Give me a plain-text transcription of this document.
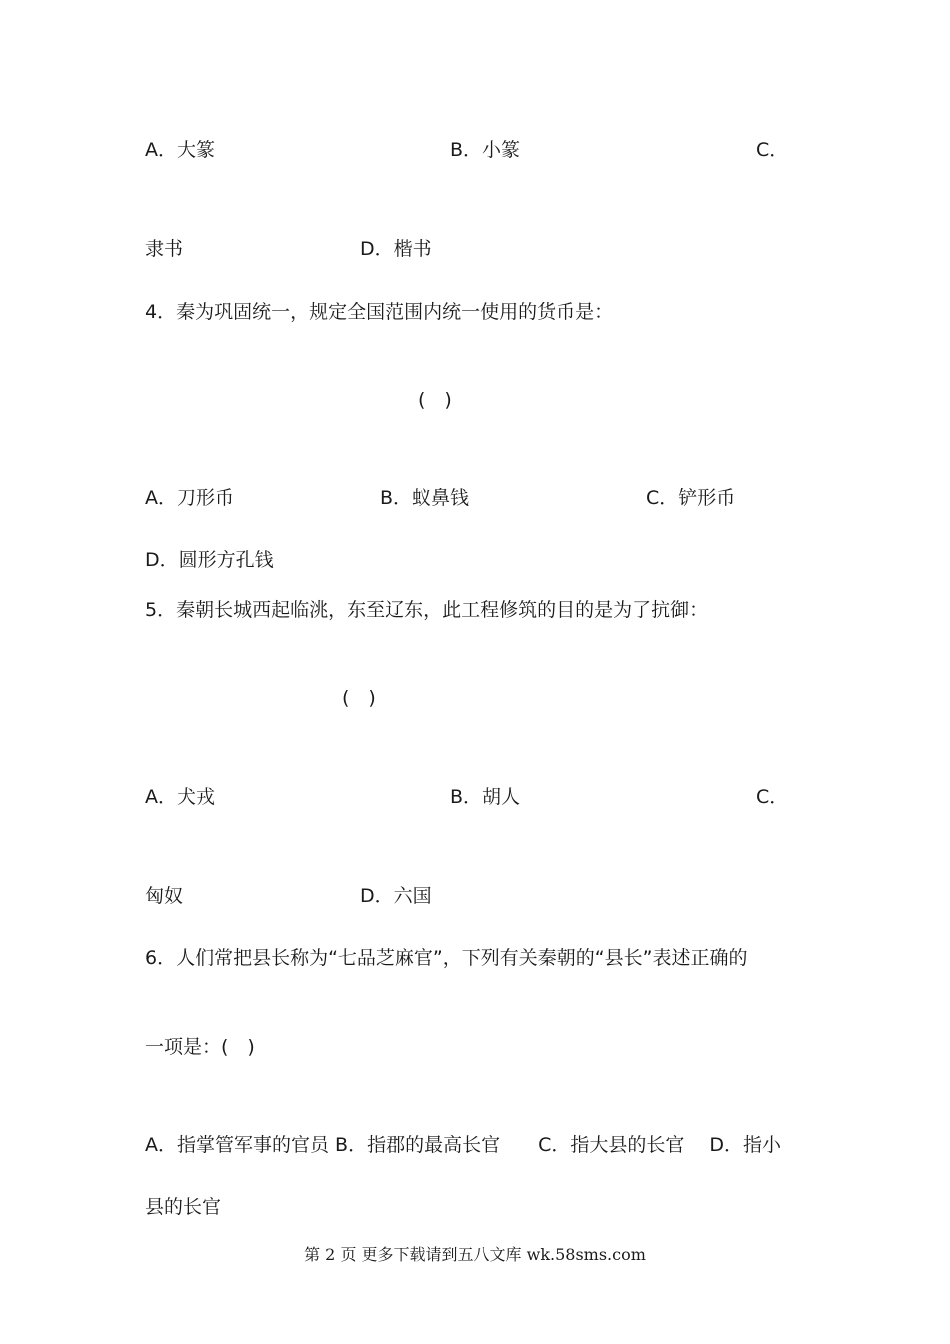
A．大篆	B．小篆	C．
隶书	D．楷书
4．秦为巩固统一，规定全国范围内统一使用的货币是：
(　)
A．刀形币	B．蚁鼻钱	C．铲形币
D．圆形方孔钱
5．秦朝长城西起临洮，东至辽东，此工程修筑的目的是为了抗御：
(　)
A．犬戎	B．胡人	C．
匈奴	D．六国
6．人们常把县长称为“七品芝麻官”，下列有关秦朝的“县长”表述正确的
一项是：(　)
A．指掌管军事的官员 B．指郡的最高长官　　C．指大县的长官　 D．指小
县的长官
第 2 页 更多下载请到五八文库 wk.58sms.com
